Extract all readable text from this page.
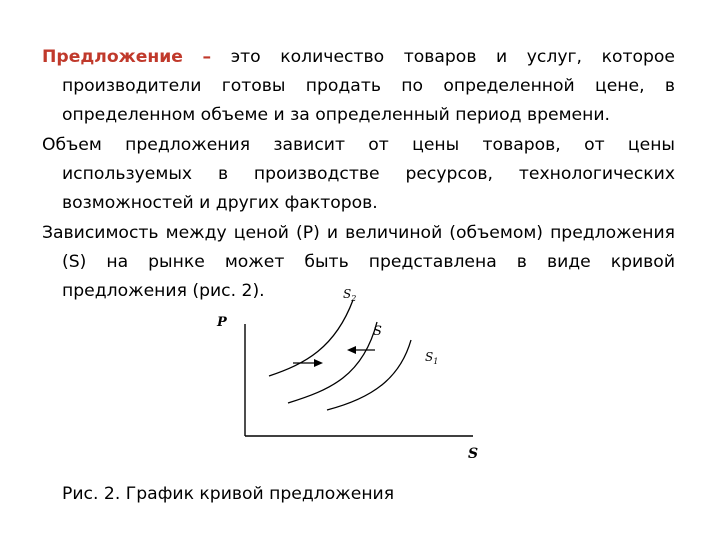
Предложение – это количество товаров и услуг, которое производители готовы продать по определенной цене, в определенном объеме и за определенный период времени.

Объем предложения зависит от цены товаров, от цены используемых в производстве ресурсов, технологических возможностей и других факторов.

Зависимость между ценой (Р) и величиной (объемом) предложения (S) на рынке может быть представлена в виде кривой предложения (рис. 2).

P
S
$S_2$
S
$S_1$
Рис. 2. График кривой предложения
